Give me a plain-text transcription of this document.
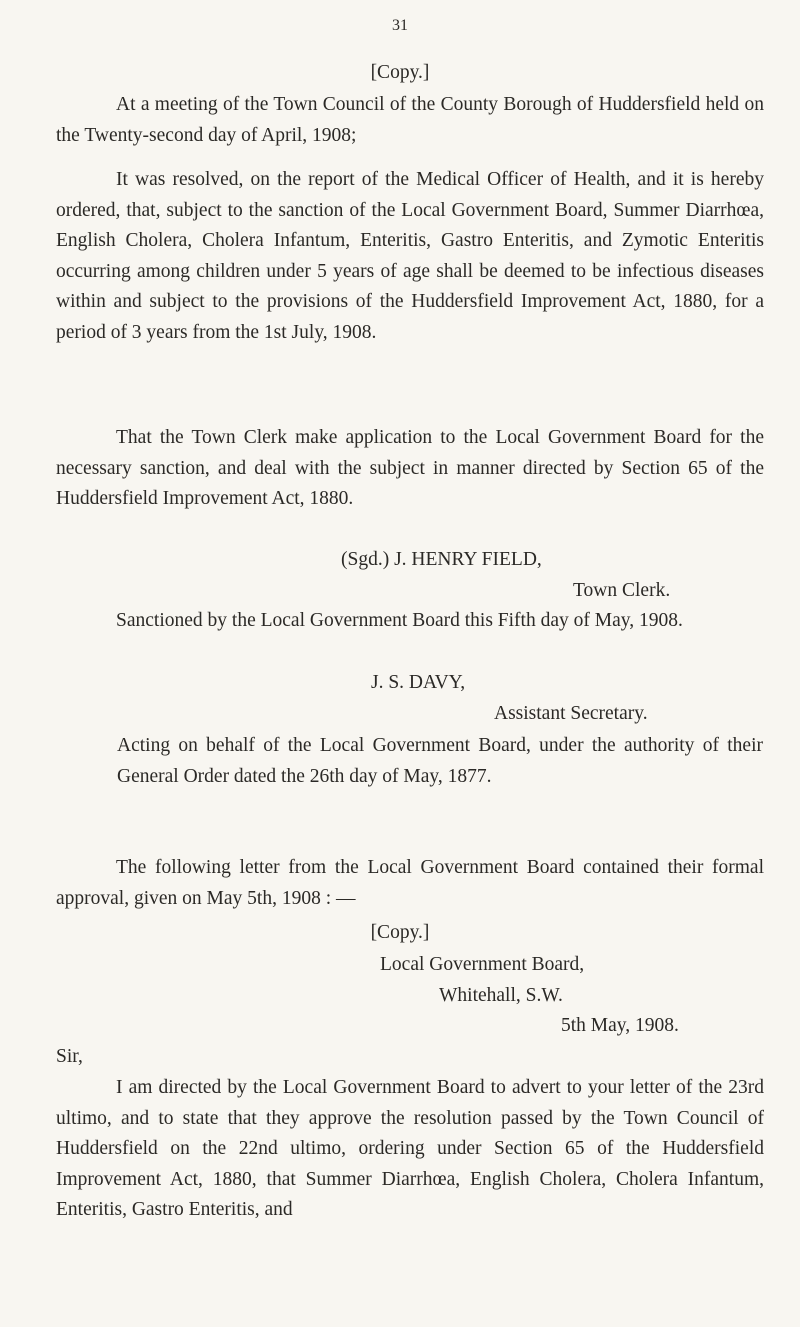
31
[Copy.]

At a meeting of the Town Council of the County Borough of Huddersfield held on the Twenty-second day of April, 1908;

It was resolved, on the report of the Medical Officer of Health, and it is hereby ordered, that, subject to the sanction of the Local Government Board, Summer Diarrhœa, English Cholera, Cholera Infantum, Enteritis, Gastro Enteritis, and Zymotic Enteritis occurring among children under 5 years of age shall be deemed to be infectious diseases within and subject to the provisions of the Huddersfield Improvement Act, 1880, for a period of 3 years from the 1st July, 1908.

That the Town Clerk make application to the Local Government Board for the necessary sanction, and deal with the subject in manner directed by Section 65 of the Huddersfield Improvement Act, 1880.

(Sgd.) J. HENRY FIELD,
Town Clerk.

Sanctioned by the Local Government Board this Fifth day of May, 1908.

J. S. DAVY,
Assistant Secretary.

Acting on behalf of the Local Government Board, under the authority of their General Order dated the 26th day of May, 1877.

The following letter from the Local Government Board contained their formal approval, given on May 5th, 1908 : —

[Copy.]
Local Government Board,
Whitehall, S.W.
5th May, 1908.
Sir,

I am directed by the Local Government Board to advert to your letter of the 23rd ultimo, and to state that they approve the resolution passed by the Town Council of Huddersfield on the 22nd ultimo, ordering under Section 65 of the Huddersfield Improvement Act, 1880, that Summer Diarrhœa, English Cholera, Cholera Infantum, Enteritis, Gastro Enteritis, and
